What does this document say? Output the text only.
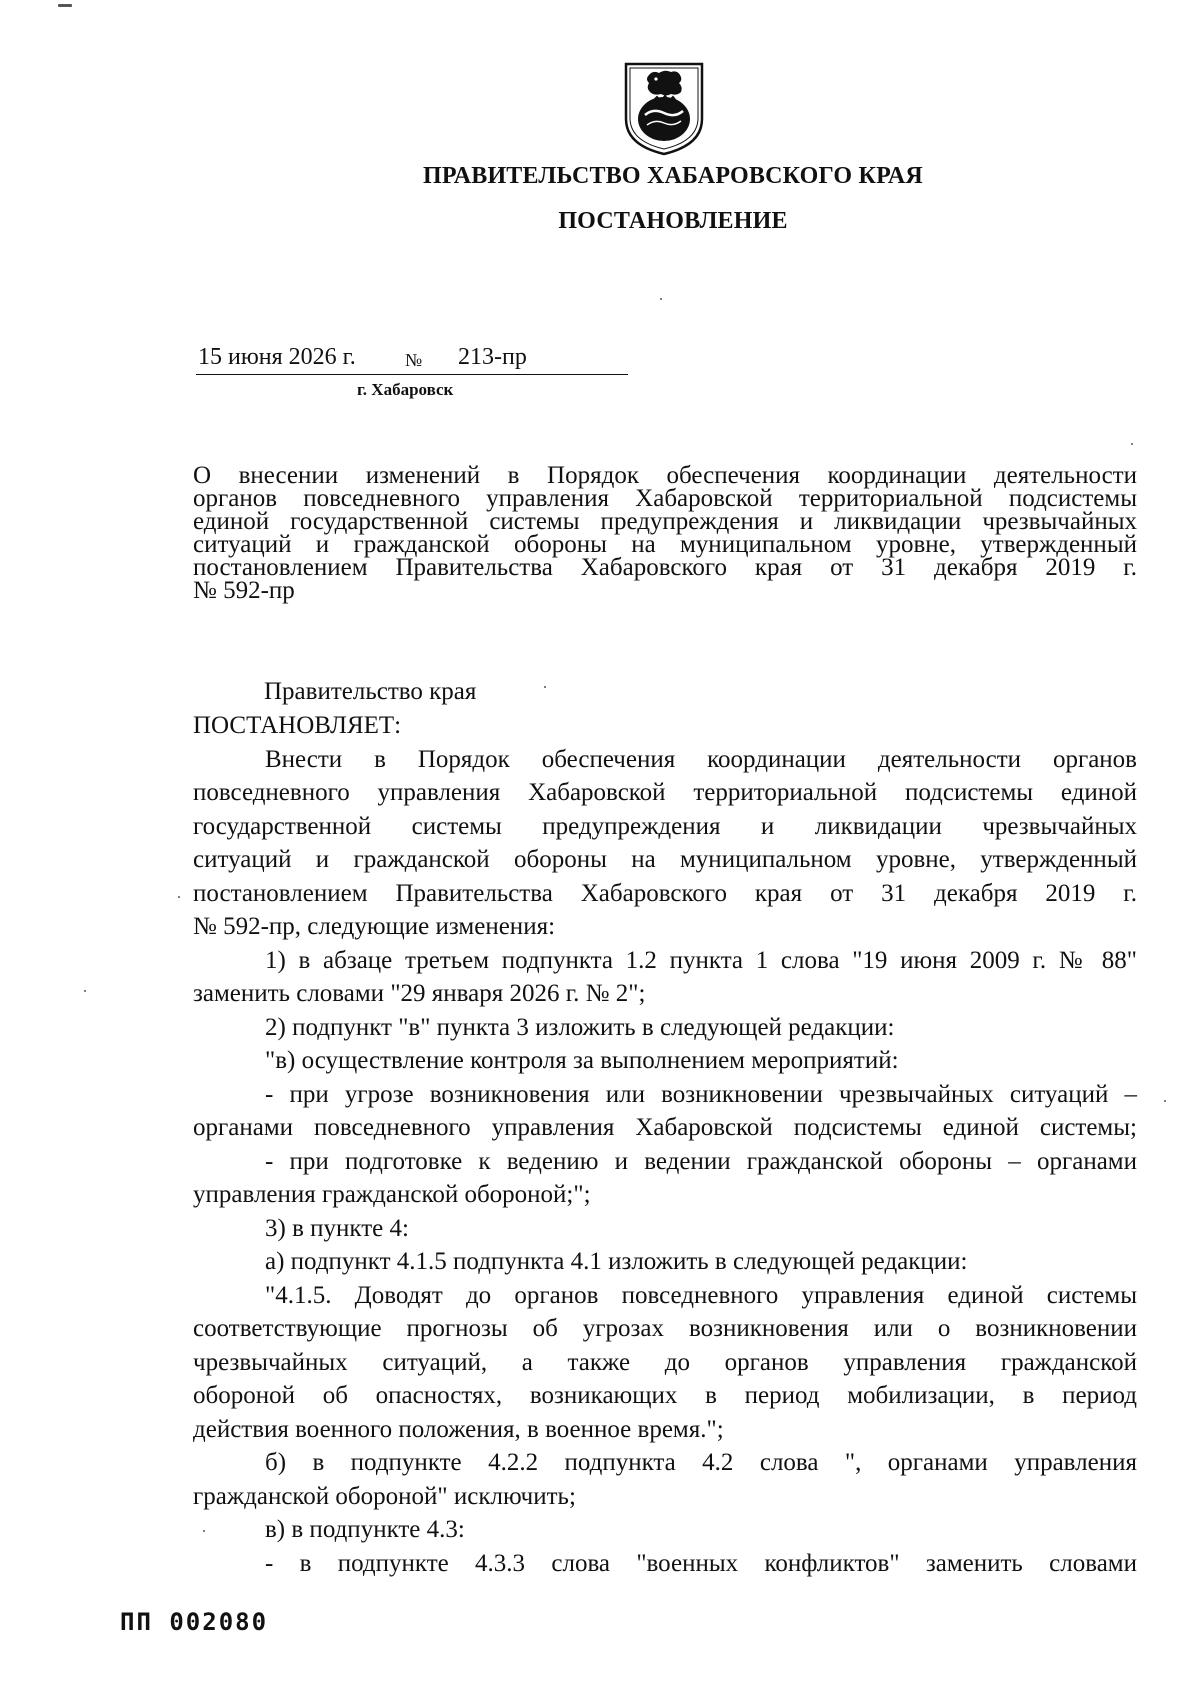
ПРАВИТЕЛЬСТВО ХАБАРОВСКОГО КРАЯ
ПОСТАНОВЛЕНИЕ
15 июня 2026 г.	№ 213-пр
г. Хабаровск
О внесении изменений в Порядок обеспечения координации деятельности
органов повседневного управления Хабаровской территориальной подсистемы
единой государственной системы предупреждения и ликвидации чрезвычайных
ситуаций и гражданской обороны на муниципальном уровне, утвержденный
постановлением Правительства Хабаровского края от 31 декабря 2019 г.
№ 592-пр
Правительство края
ПОСТАНОВЛЯЕТ:
Внести в Порядок обеспечения координации деятельности органов
повседневного управления Хабаровской территориальной подсистемы единой
государственной системы предупреждения и ликвидации чрезвычайных
ситуаций и гражданской обороны на муниципальном уровне, утвержденный
постановлением Правительства Хабаровского края от 31 декабря 2019 г.
№ 592-пр, следующие изменения:
1) в абзаце третьем подпункта 1.2 пункта 1 слова "19 июня 2009 г. № 88"
заменить словами "29 января 2026 г. № 2";
2) подпункт "в" пункта 3 изложить в следующей редакции:
"в) осуществление контроля за выполнением мероприятий:
- при угрозе возникновения или возникновении чрезвычайных ситуаций –
органами повседневного управления Хабаровской подсистемы единой системы;
- при подготовке к ведению и ведении гражданской обороны – органами
управления гражданской обороной;";
3) в пункте 4:
а) подпункт 4.1.5 подпункта 4.1 изложить в следующей редакции:
"4.1.5. Доводят до органов повседневного управления единой системы
соответствующие прогнозы об угрозах возникновения или о возникновении
чрезвычайных ситуаций, а также до органов управления гражданской
обороной об опасностях, возникающих в период мобилизации, в период
действия военного положения, в военное время.";
б) в подпункте 4.2.2 подпункта 4.2 слова ", органами управления
гражданской обороной" исключить;
в) в подпункте 4.3:
- в подпункте 4.3.3 слова "военных конфликтов" заменить словами
ПП 002080
